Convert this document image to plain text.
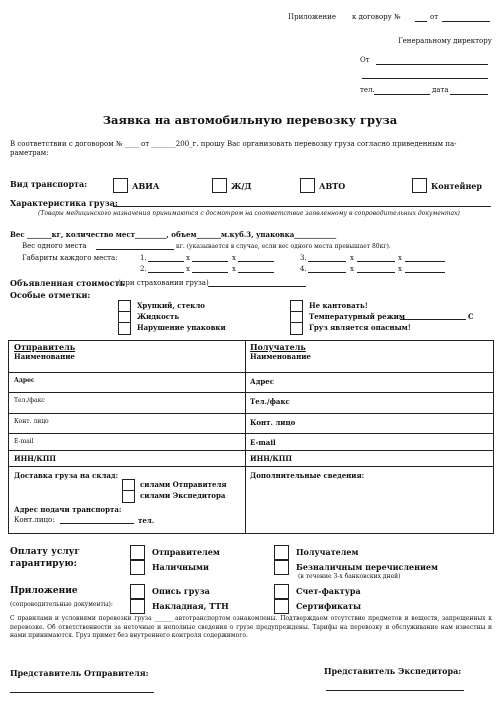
Приложение к договору №	от
Генеральному директору
От
тел.	дата
Заявка на автомобильную перевозку груза
В соответствии с договором № ____ от _______200_г. прошу Вас организовать перевозку груза согласно приведенным па-раметрам:
Вид транспорта:	АВИА	Ж/Д	АВТО	Контейнер
Характеристика груза:
(Товары медицинского назначения принимаются с досмотром на соответствие заявленному в сопроводительных документах)
Вес _______кг, количество мест_________, объем_______м.куб.3, упаковка____________
Вес одного места	кг. (указывается в случае, если вес одного места превышает 80кг).
Габариты каждого места:	1.	x	x	3.	x	x
2.	x	x	4.	x	x
Объявленная стоимость
(при страховании груза)
Особые отметки:
Хрупкий, стекло
Жидкость
Нарушение упаковки
Не кантовать!
Температурный режим	С
Груз является опасным!
Отправитель	Получатель
Наименование	Наименование
Адрес	Адрес
Тел./факс	Тел./факс
Конт. лицо	Конт. лицо
E-mail	E-mail
ИНН/КПП	ИНН/КПП
Доставка груза на склад:
силами Отправителя
силами Экспедитора
Адрес подачи транспорта:
Конт.лицо:	тел.
Дополнительные сведения:
Оплату услуг гарантирую:
Отправителем
Наличными
Получателем
Безналичным перечислением
(в течение 3-х банковских дней)
Приложение
(сопроводительные документы):
Опись груза
Накладная, ТТН
Счет-фактура
Сертификаты
С правилами и условиями перевозки груза ______ автотранспортом ознакомлены. Подтверждаем отсутствие предметов и веществ, запрещенных к перевозке. Об ответственности за неточные и неполные сведения о грузе предупреждены. Тарифы на перевозку и обслуживание нам известны и нами принимаются. Груз примет без внутреннего контроля содержимого.
Представитель Отправителя:	Представитель Экспедитора:
